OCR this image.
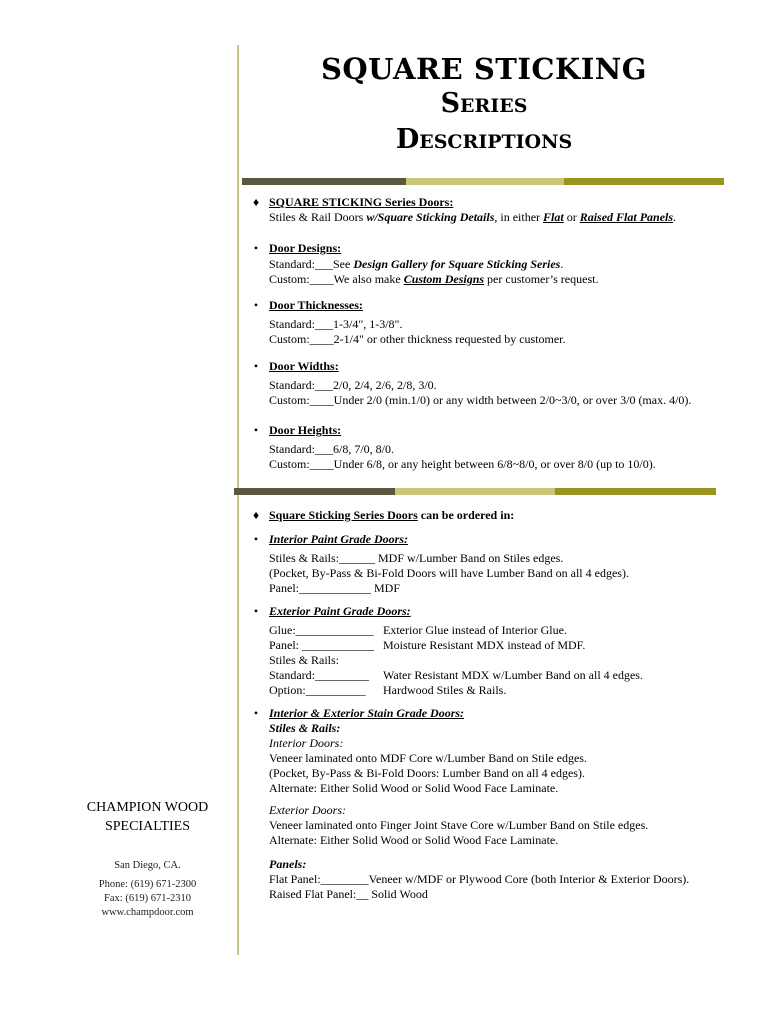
SQUARE STICKING
Series
Descriptions
♦ SQUARE STICKING Series Doors:
Stiles & Rail Doors w/Square Sticking Details, in either Flat or Raised Flat Panels.
• Door Designs:
Standard:___See Design Gallery for Square Sticking Series.
Custom:____We also make Custom Designs per customer’s request.
• Door Thicknesses:
Standard:___1-3/4", 1-3/8".
Custom:____2-1/4" or other thickness requested by customer.
• Door Widths:
Standard:___2/0, 2/4, 2/6, 2/8, 3/0.
Custom:____Under 2/0 (min.1/0) or any width between 2/0~3/0, or over 3/0 (max. 4/0).
• Door Heights:
Standard:___6/8, 7/0, 8/0.
Custom:____Under 6/8, or any height between 6/8~8/0, or over 8/0 (up to 10/0).
♦ Square Sticking Series Doors can be ordered in:
• Interior Paint Grade Doors:
Stiles & Rails:______ MDF w/Lumber Band on Stiles edges.
(Pocket, By-Pass & Bi-Fold Doors will have Lumber Band on all 4 edges).
Panel:____________ MDF
• Exterior Paint Grade Doors:
Glue:_____________ Exterior Glue instead of Interior Glue.
Panel: ____________ Moisture Resistant MDX instead of MDF.
Stiles & Rails:
Standard:_________ Water Resistant MDX w/Lumber Band on all 4 edges.
Option:__________ Hardwood Stiles & Rails.
• Interior & Exterior Stain Grade Doors:
Stiles & Rails:
Interior Doors:
Veneer laminated onto MDF Core w/Lumber Band on Stile edges.
(Pocket, By-Pass & Bi-Fold Doors: Lumber Band on all 4 edges).
Alternate: Either Solid Wood or Solid Wood Face Laminate.
Exterior Doors:
Veneer laminated onto Finger Joint Stave Core w/Lumber Band on Stile edges.
Alternate: Either Solid Wood or Solid Wood Face Laminate.
Panels:
Flat Panel:________Veneer w/MDF or Plywood Core (both Interior & Exterior Doors).
Raised Flat Panel:__ Solid Wood
CHAMPION WOOD
SPECIALTIES
San Diego, CA.
Phone: (619) 671-2300
Fax: (619) 671-2310
www.champdoor.com
